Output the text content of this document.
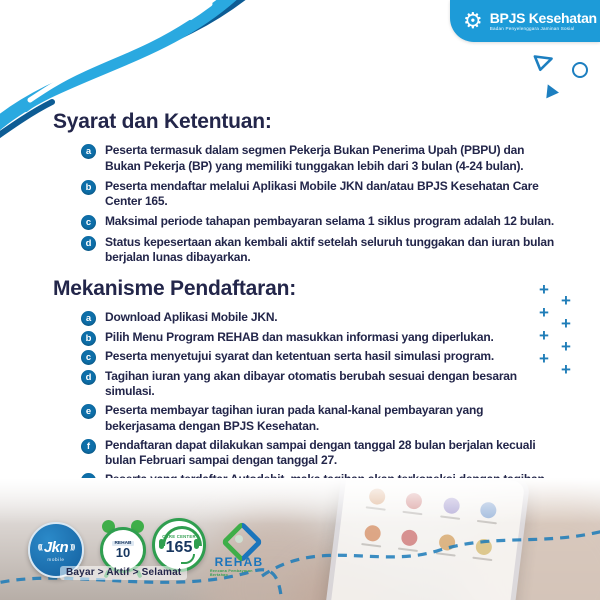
⚙ BPJS Kesehatan
Badan Penyelenggara Jaminan Sosial
Syarat dan Ketentuan:
a	Peserta termasuk dalam segmen Pekerja Bukan Penerima Upah (PBPU) dan Bukan Pekerja (BP) yang memiliki tunggakan lebih dari 3 bulan (4-24 bulan).
b	Peserta mendaftar melalui Aplikasi Mobile JKN dan/atau BPJS Kesehatan Care Center 165.
c	Maksimal periode tahapan pembayaran selama 1 siklus program adalah 12 bulan.
d	Status kepesertaan akan kembali aktif setelah seluruh tunggakan dan iuran bulan berjalan lunas dibayarkan.
Mekanisme Pendaftaran:
a	Download Aplikasi Mobile JKN.
b	Pilih Menu Program REHAB dan masukkan informasi yang diperlukan.
c	Peserta menyetujui syarat dan ketentuan serta hasil simulasi program.
d	Tagihan iuran yang akan dibayar otomatis berubah sesuai dengan besaran simulasi.
e	Peserta membayar tagihan iuran pada kanal-kanal pembayaran yang bekerjasama dengan BPJS Kesehatan.
f	Pendaftaran dapat dilakukan sampai dengan tanggal 28 bulan berjalan kecuali bulan Februari sampai dengan tanggal 27.
+
+
+
+
+
+
+
+
((( Jkn )))
mobile
REHAB
10
CARE CENTER
165
REHAB
Rencana Pembayaran Bertahap
Bayar > Aktif > Selamat
